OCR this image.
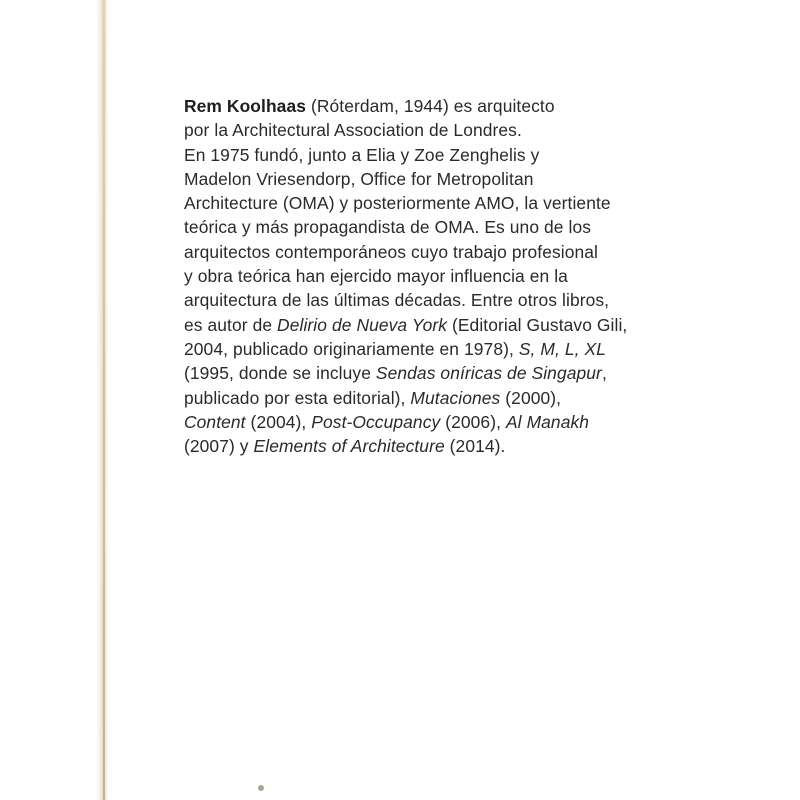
Rem Koolhaas (Róterdam, 1944) es arquitecto
por la Architectural Association de Londres.
En 1975 fundó, junto a Elia y Zoe Zenghelis y
Madelon Vriesendorp, Office for Metropolitan
Architecture (OMA) y posteriormente AMO, la vertiente
teórica y más propagandista de OMA. Es uno de los
arquitectos contemporáneos cuyo trabajo profesional
y obra teórica han ejercido mayor influencia en la
arquitectura de las últimas décadas. Entre otros libros,
es autor de Delirio de Nueva York (Editorial Gustavo Gili,
2004, publicado originariamente en 1978), S, M, L, XL
(1995, donde se incluye Sendas oníricas de Singapur,
publicado por esta editorial), Mutaciones (2000),
Content (2004), Post-Occupancy (2006), Al Manakh
(2007) y Elements of Architecture (2014).
